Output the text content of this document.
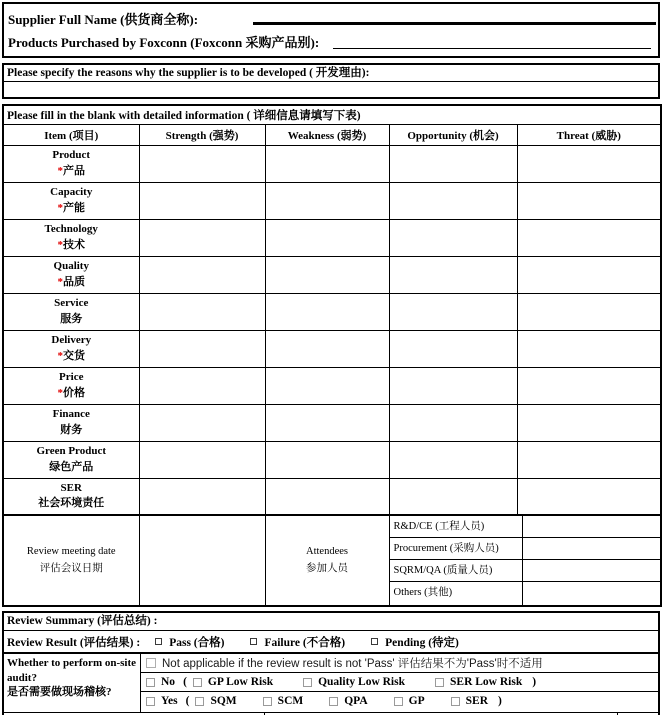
Supplier Full Name (供货商全称):
Products Purchased by Foxconn (Foxconn 采购产品别):
Please specify the reasons why the supplier is to be developed ( 开发理由):
Please fill in the blank with detailed information ( 详细信息请填写下表)				
Item (项目)	Strength (强势)	Weakness (弱势)	Opportunity (机会)	Threat (威胁)

Product
*产品				

Capacity
*产能				

Technology
*技术				

Quality
*品质				

Service
服务				

Delivery
*交货				

Price
*价格				

Finance
财务				

Green Product
绿色产品				

SER
社会环境责任				

Review meeting date
评估会议日期

Attendees
参加人员

R&D/CE (工程人员)
Procurement (采购人员)
SQRM/QA (质量人员)
Others (其他)
Review Summary (评估总结) :
Review Result (评估结果) :	Pass (合格)	Failure (不合格)	Pending (待定)
Whether to perform on-site audit?
是否需要做现场稽核?
Not applicable if the review result is not 'Pass' 评估结果不为'Pass'时不适用
No ( GP Low Risk	Quality Low Risk	SER Low Risk )
Yes ( SQM	SCM	QPA	GP	SER )
